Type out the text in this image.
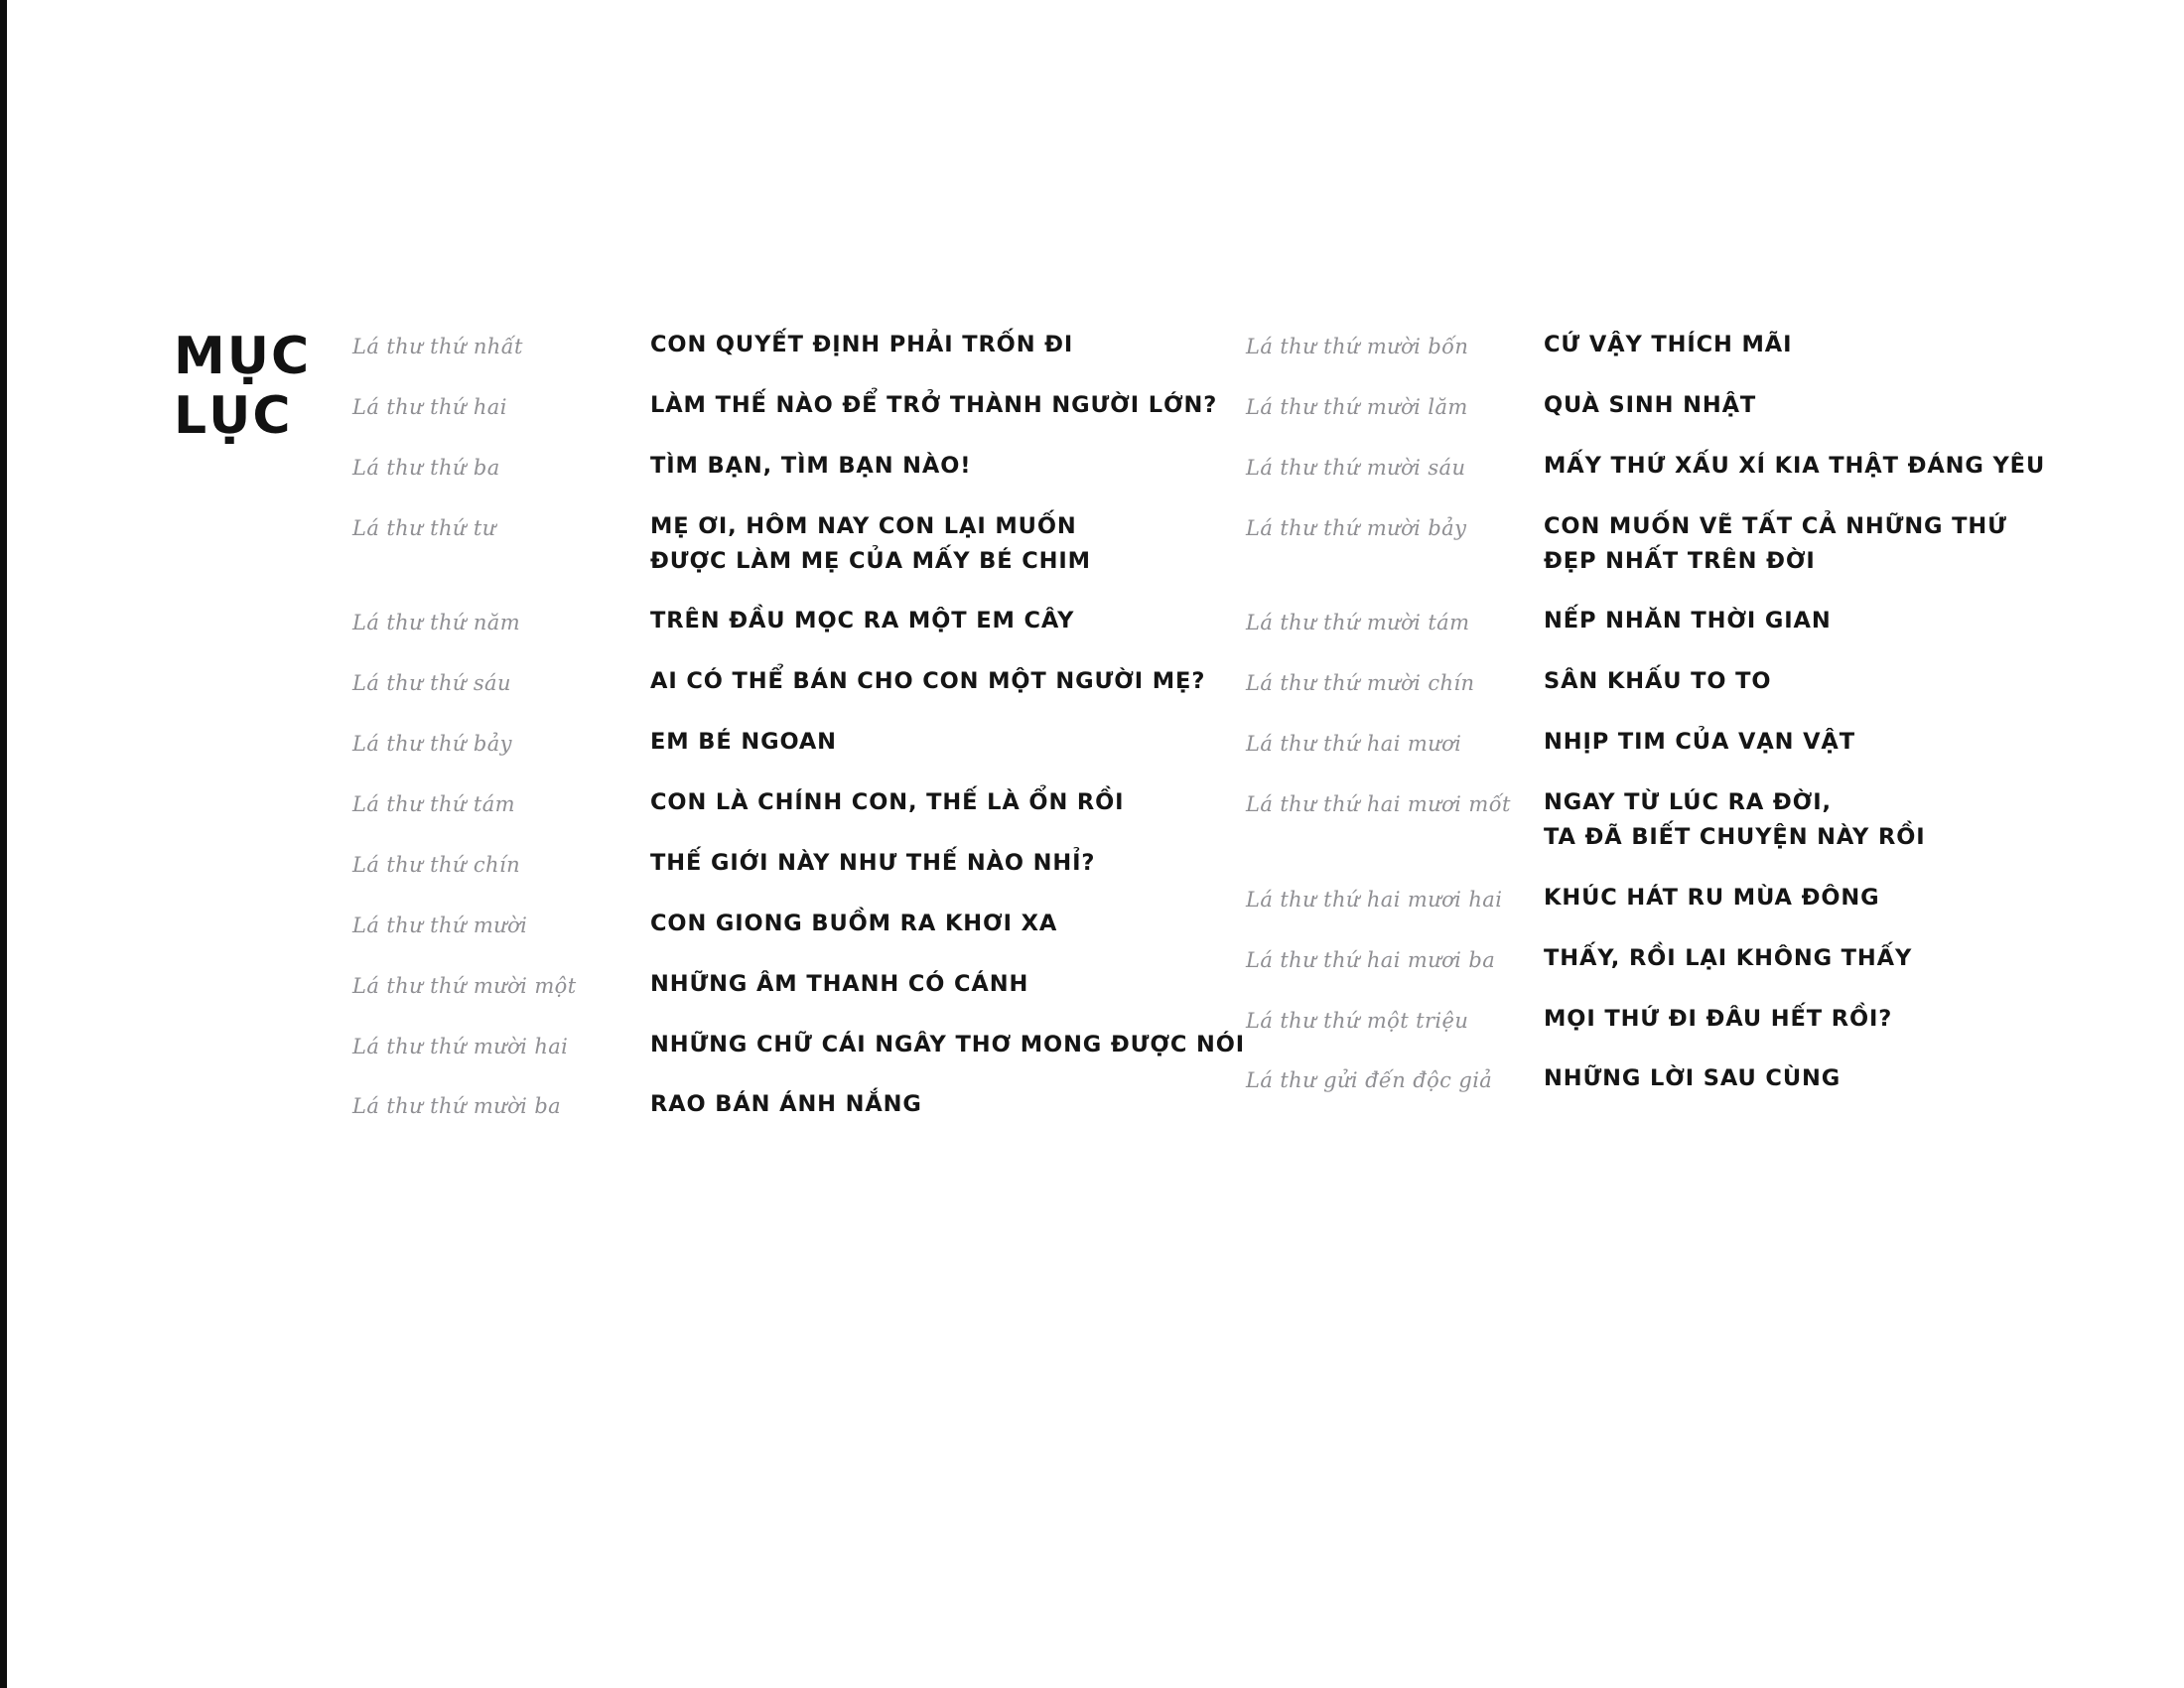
MỤC
LỤC
Lá thư thứ nhất	CON QUYẾT ĐỊNH PHẢI TRỐN ĐI
Lá thư thứ hai	LÀM THẾ NÀO ĐỂ TRỞ THÀNH NGƯỜI LỚN?
Lá thư thứ ba	TÌM BẠN, TÌM BẠN NÀO!
Lá thư thứ tư	MẸ ƠI, HÔM NAY CON LẠI MUỐN
ĐƯỢC LÀM MẸ CỦA MẤY BÉ CHIM
Lá thư thứ năm	TRÊN ĐẦU MỌC RA MỘT EM CÂY
Lá thư thứ sáu	AI CÓ THỂ BÁN CHO CON MỘT NGƯỜI MẸ?
Lá thư thứ bảy	EM BÉ NGOAN
Lá thư thứ tám	CON LÀ CHÍNH CON, THẾ LÀ ỔN RỒI
Lá thư thứ chín	THẾ GIỚI NÀY NHƯ THẾ NÀO NHỈ?
Lá thư thứ mười	CON GIONG BUỒM RA KHƠI XA
Lá thư thứ mười một	NHỮNG ÂM THANH CÓ CÁNH
Lá thư thứ mười hai	NHỮNG CHỮ CÁI NGÂY THƠ MONG ĐƯỢC NÓI
Lá thư thứ mười ba	RAO BÁN ÁNH NẮNG
Lá thư thứ mười bốn	CỨ VẬY THÍCH MÃI
Lá thư thứ mười lăm	QUÀ SINH NHẬT
Lá thư thứ mười sáu	MẤY THỨ XẤU XÍ KIA THẬT ĐÁNG YÊU
Lá thư thứ mười bảy	CON MUỐN VẼ TẤT CẢ NHỮNG THỨ
ĐẸP NHẤT TRÊN ĐỜI
Lá thư thứ mười tám	NẾP NHĂN THỜI GIAN
Lá thư thứ mười chín	SÂN KHẤU TO TO
Lá thư thứ hai mươi	NHỊP TIM CỦA VẠN VẬT
Lá thư thứ hai mươi mốt	NGAY TỪ LÚC RA ĐỜI,
TA ĐÃ BIẾT CHUYỆN NÀY RỒI
Lá thư thứ hai mươi hai	KHÚC HÁT RU MÙA ĐÔNG
Lá thư thứ hai mươi ba	THẤY, RỒI LẠI KHÔNG THẤY
Lá thư thứ một triệu	MỌI THỨ ĐI ĐÂU HẾT RỒI?
Lá thư gửi đến độc giả	NHỮNG LỜI SAU CÙNG
